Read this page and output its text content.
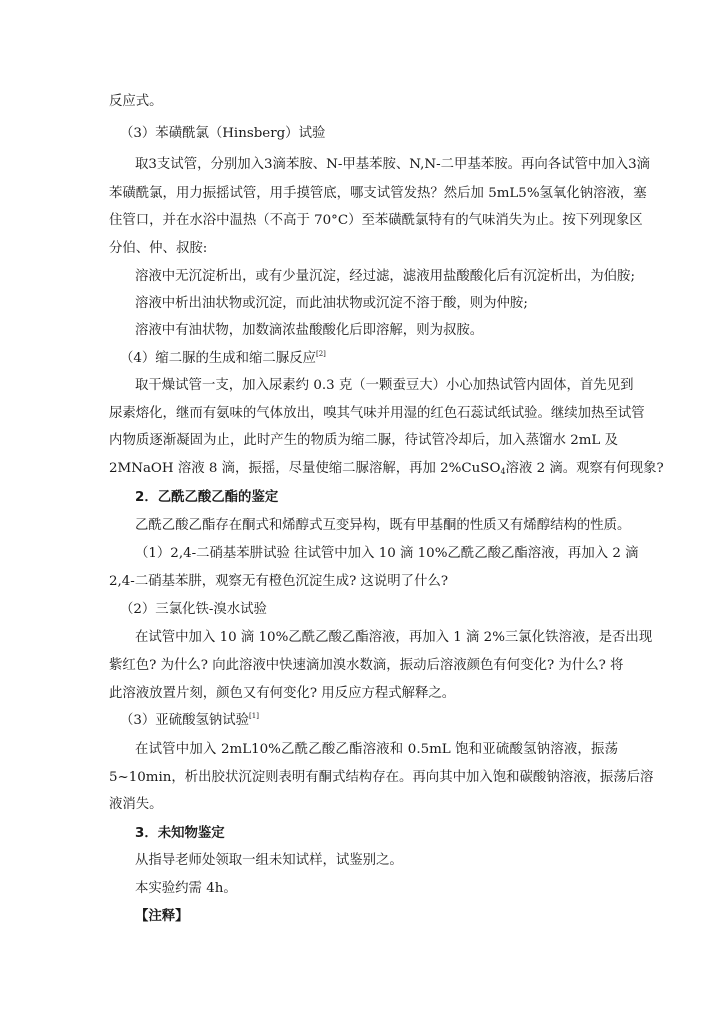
反应式。
（3）苯磺酰氯（Hinsberg）试验
取3支试管，分别加入3滴苯胺、N-甲基苯胺、N,N-二甲基苯胺。再向各试管中加入3滴
苯磺酰氯，用力振摇试管，用手摸管底，哪支试管发热？然后加 5mL5%氢氧化钠溶液，塞
住管口，并在水浴中温热（不高于 70°C）至苯磺酰氯特有的气味消失为止。按下列现象区
分伯、仲、叔胺:
溶液中无沉淀析出，或有少量沉淀，经过滤，滤液用盐酸酸化后有沉淀析出，为伯胺;
溶液中析出油状物或沉淀，而此油状物或沉淀不溶于酸，则为仲胺;
溶液中有油状物，加数滴浓盐酸酸化后即溶解，则为叔胺。
（4）缩二脲的生成和缩二脲反应[2]
取干燥试管一支，加入尿素约 0.3 克（一颗蚕豆大）小心加热试管内固体，首先见到
尿素熔化，继而有氨味的气体放出，嗅其气味并用湿的红色石蕊试纸试验。继续加热至试管
内物质逐渐凝固为止，此时产生的物质为缩二脲，待试管冷却后，加入蒸馏水 2mL 及
2MNaOH 溶液 8 滴，振摇，尽量使缩二脲溶解，再加 2%CuSO$_4$溶液 2 滴。观察有何现象?
2．乙酰乙酸乙酯的鉴定
乙酰乙酸乙酯存在酮式和烯醇式互变异构，既有甲基酮的性质又有烯醇结构的性质。
（1）2,4-二硝基苯肼试验 往试管中加入 10 滴 10%乙酰乙酸乙酯溶液，再加入 2 滴
2,4-二硝基苯肼，观察无有橙色沉淀生成? 这说明了什么?
（2）三氯化铁-溴水试验
在试管中加入 10 滴 10%乙酰乙酸乙酯溶液，再加入 1 滴 2%三氯化铁溶液，是否出现
紫红色? 为什么? 向此溶液中快速滴加溴水数滴，振动后溶液颜色有何变化? 为什么? 将
此溶液放置片刻，颜色又有何变化? 用反应方程式解释之。
（3）亚硫酸氢钠试验[1]
在试管中加入 2mL10%乙酰乙酸乙酯溶液和 0.5mL 饱和亚硫酸氢钠溶液，振荡
5~10min，析出胶状沉淀则表明有酮式结构存在。再向其中加入饱和碳酸钠溶液，振荡后溶
液消失。
3．未知物鉴定
从指导老师处领取一组未知试样，试鉴别之。
本实验约需 4h。
【注释】
